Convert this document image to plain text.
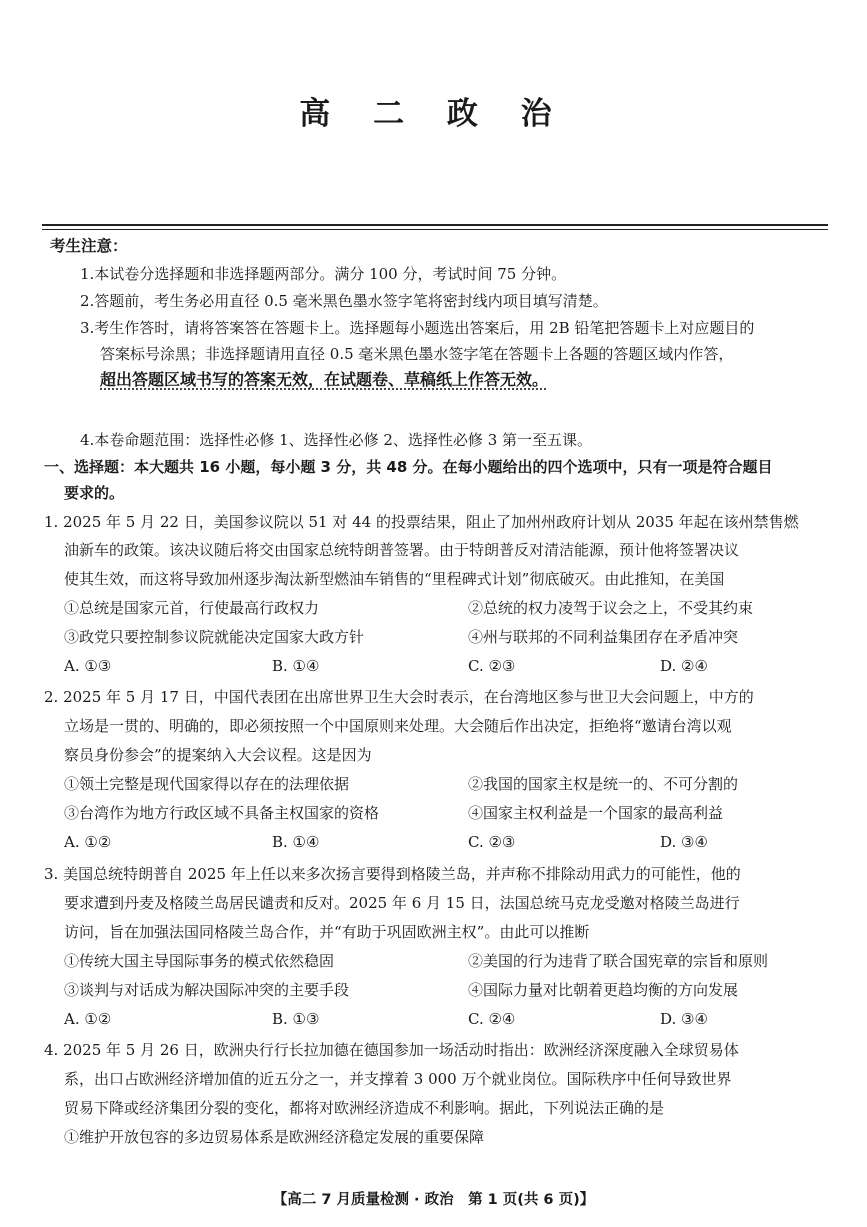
高 二 政 治
考生注意：
1.本试卷分选择题和非选择题两部分。满分 100 分，考试时间 75 分钟。
2.答题前，考生务必用直径 0.5 毫米黑色墨水签字笔将密封线内项目填写清楚。
3.考生作答时，请将答案答在答题卡上。选择题每小题选出答案后，用 2B 铅笔把答题卡上对应题目的
答案标号涂黑；非选择题请用直径 0.5 毫米黑色墨水签字笔在答题卡上各题的答题区域内作答，
超出答题区域书写的答案无效，在试题卷、草稿纸上作答无效。
4.本卷命题范围：选择性必修 1、选择性必修 2、选择性必修 3 第一至五课。
一、选择题：本大题共 16 小题，每小题 3 分，共 48 分。在每小题给出的四个选项中，只有一项是符合题目
要求的。
1. 2025 年 5 月 22 日，美国参议院以 51 对 44 的投票结果，阻止了加州州政府计划从 2035 年起在该州禁售燃
油新车的政策。该决议随后将交由国家总统特朗普签署。由于特朗普反对清洁能源，预计他将签署决议
使其生效，而这将导致加州逐步淘汰新型燃油车销售的“里程碑式计划”彻底破灭。由此推知，在美国
①总统是国家元首，行使最高行政权力	②总统的权力凌驾于议会之上，不受其约束
③政党只要控制参议院就能决定国家大政方针	④州与联邦的不同利益集团存在矛盾冲突
A. ①③	B. ①④	C. ②③	D. ②④
2. 2025 年 5 月 17 日，中国代表团在出席世界卫生大会时表示，在台湾地区参与世卫大会问题上，中方的
立场是一贯的、明确的，即必须按照一个中国原则来处理。大会随后作出决定，拒绝将“邀请台湾以观
察员身份参会”的提案纳入大会议程。这是因为
①领土完整是现代国家得以存在的法理依据	②我国的国家主权是统一的、不可分割的
③台湾作为地方行政区域不具备主权国家的资格	④国家主权利益是一个国家的最高利益
A. ①②	B. ①④	C. ②③	D. ③④
3. 美国总统特朗普自 2025 年上任以来多次扬言要得到格陵兰岛，并声称不排除动用武力的可能性，他的
要求遭到丹麦及格陵兰岛居民谴责和反对。2025 年 6 月 15 日，法国总统马克龙受邀对格陵兰岛进行
访问，旨在加强法国同格陵兰岛合作，并“有助于巩固欧洲主权”。由此可以推断
①传统大国主导国际事务的模式依然稳固	②美国的行为违背了联合国宪章的宗旨和原则
③谈判与对话成为解决国际冲突的主要手段	④国际力量对比朝着更趋均衡的方向发展
A. ①②	B. ①③	C. ②④	D. ③④
4. 2025 年 5 月 26 日，欧洲央行行长拉加德在德国参加一场活动时指出：欧洲经济深度融入全球贸易体
系，出口占欧洲经济增加值的近五分之一，并支撑着 3 000 万个就业岗位。国际秩序中任何导致世界
贸易下降或经济集团分裂的变化，都将对欧洲经济造成不利影响。据此，下列说法正确的是
①维护开放包容的多边贸易体系是欧洲经济稳定发展的重要保障
【高二 7 月质量检测 · 政治　第 1 页(共 6 页)】
